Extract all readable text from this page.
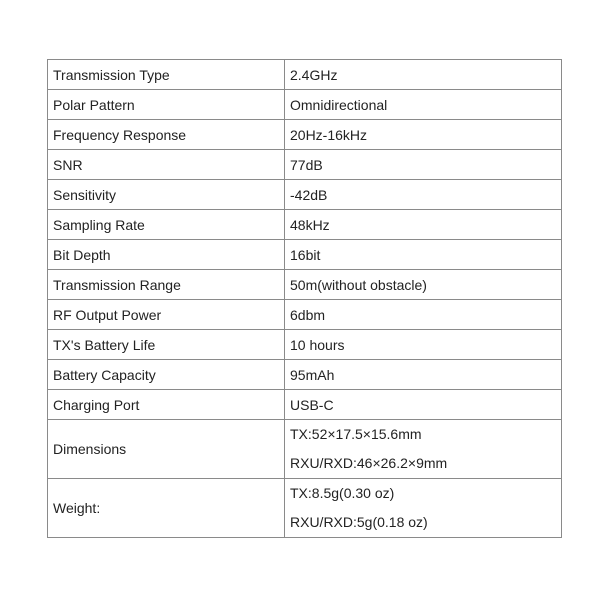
Transmission Type	2.4GHz
Polar Pattern	Omnidirectional
Frequency Response	20Hz-16kHz
SNR	77dB
Sensitivity	-42dB
Sampling Rate	48kHz
Bit Depth	16bit
Transmission Range	50m(without obstacle)
RF Output Power	6dbm
TX's Battery Life	10 hours
Battery Capacity	95mAh
Charging Port	USB-C
Dimensions	TX:52×17.5×15.6mm
RXU/RXD:46×26.2×9mm

Weight:	TX:8.5g(0.30 oz)
RXU/RXD:5g(0.18 oz)
